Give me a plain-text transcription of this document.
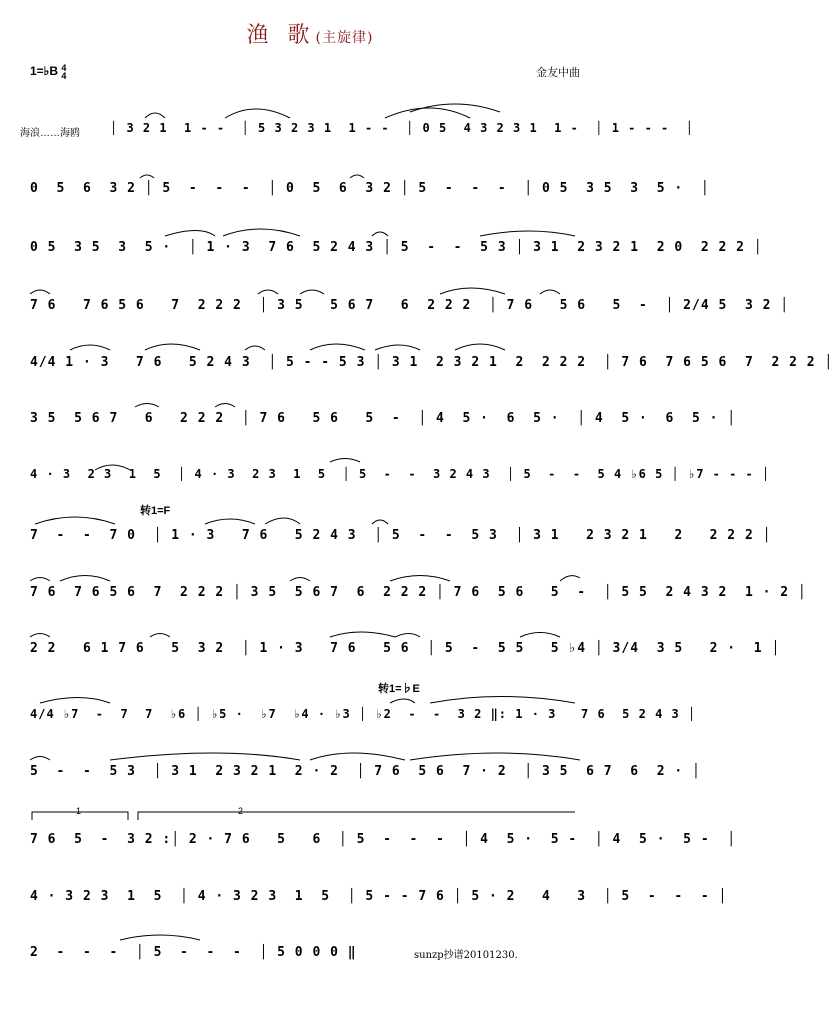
渔 歌(主旋律)
1=♭B 4
4	金友中曲
海浪……海鸥	│ 3 2 1  1 - -  │ 5 3 2 3 1  1 - -  │ 0 5  4 3 2 3 1  1 -  │ 1 - - -  │
0  5  6  3 2 │ 5  -  -  -  │ 0  5  6  3 2 │ 5  -  -  -  │ 0 5  3 5  3  5 ·  │
0 5  3 5  3  5 ·  │ 1 · 3  7 6  5 2 4 3 │ 5  -  -  5 3 │ 3 1  2 3 2 1  2 0  2 2 2 │
7 6   7 6 5 6   7  2 2 2  │ 3 5   5 6 7   6  2 2 2  │ 7 6   5 6   5  -  │ 2/4 5  3 2 │
4/4 1 · 3   7 6   5 2 4 3  │ 5 - - 5 3 │ 3 1  2 3 2 1  2  2 2 2  │ 7 6  7 6 5 6  7  2 2 2 │
3 5  5 6 7   6   2 2 2  │ 7 6   5 6   5  -  │ 4  5 ·  6  5 ·  │ 4  5 ·  6  5 · │
4 · 3  2 3  1  5  │ 4 · 3  2 3  1  5  │ 5  -  -  3 2 4 3  │ 5  -  -  5 4 ♭6 5 │ ♭7 - - - │
转1=F
7  -  -  7 0  │ 1 · 3   7 6   5 2 4 3  │ 5  -  -  5 3  │ 3 1   2 3 2 1   2   2 2 2 │
7 6  7 6 5 6  7  2 2 2 │ 3 5  5 6 7  6  2 2 2 │ 7 6  5 6   5  -  │ 5 5  2 4 3 2  1 · 2 │
2 2   6 1 7 6   5  3 2  │ 1 · 3   7 6   5 6  │ 5  -  5 5   5 ♭4 │ 3/4  3 5   2 ·  1 │
转1=♭E
4/4 ♭7  -  7  7  ♭6 │ ♭5 ·  ♭7  ♭4 · ♭3 │ ♭2  -  -  3 2 ‖: 1 · 3   7 6  5 2 4 3 │
5  -  -  5 3  │ 3 1  2 3 2 1  2 · 2  │ 7 6  5 6  7 · 2  │ 3 5  6 7  6  2 · │
1	2
7 6  5  -  3 2 :│ 2 · 7 6   5   6  │ 5  -  -  -  │ 4  5 ·  5 -  │ 4  5 ·  5 -  │
4 · 3 2 3  1  5  │ 4 · 3 2 3  1  5  │ 5 - - 7 6 │ 5 · 2   4   3  │ 5  -  -  - │
2  -  -  -  │ 5  -  -  -  │ 5 0 0 0 ‖	sunzp抄谱20101230.
